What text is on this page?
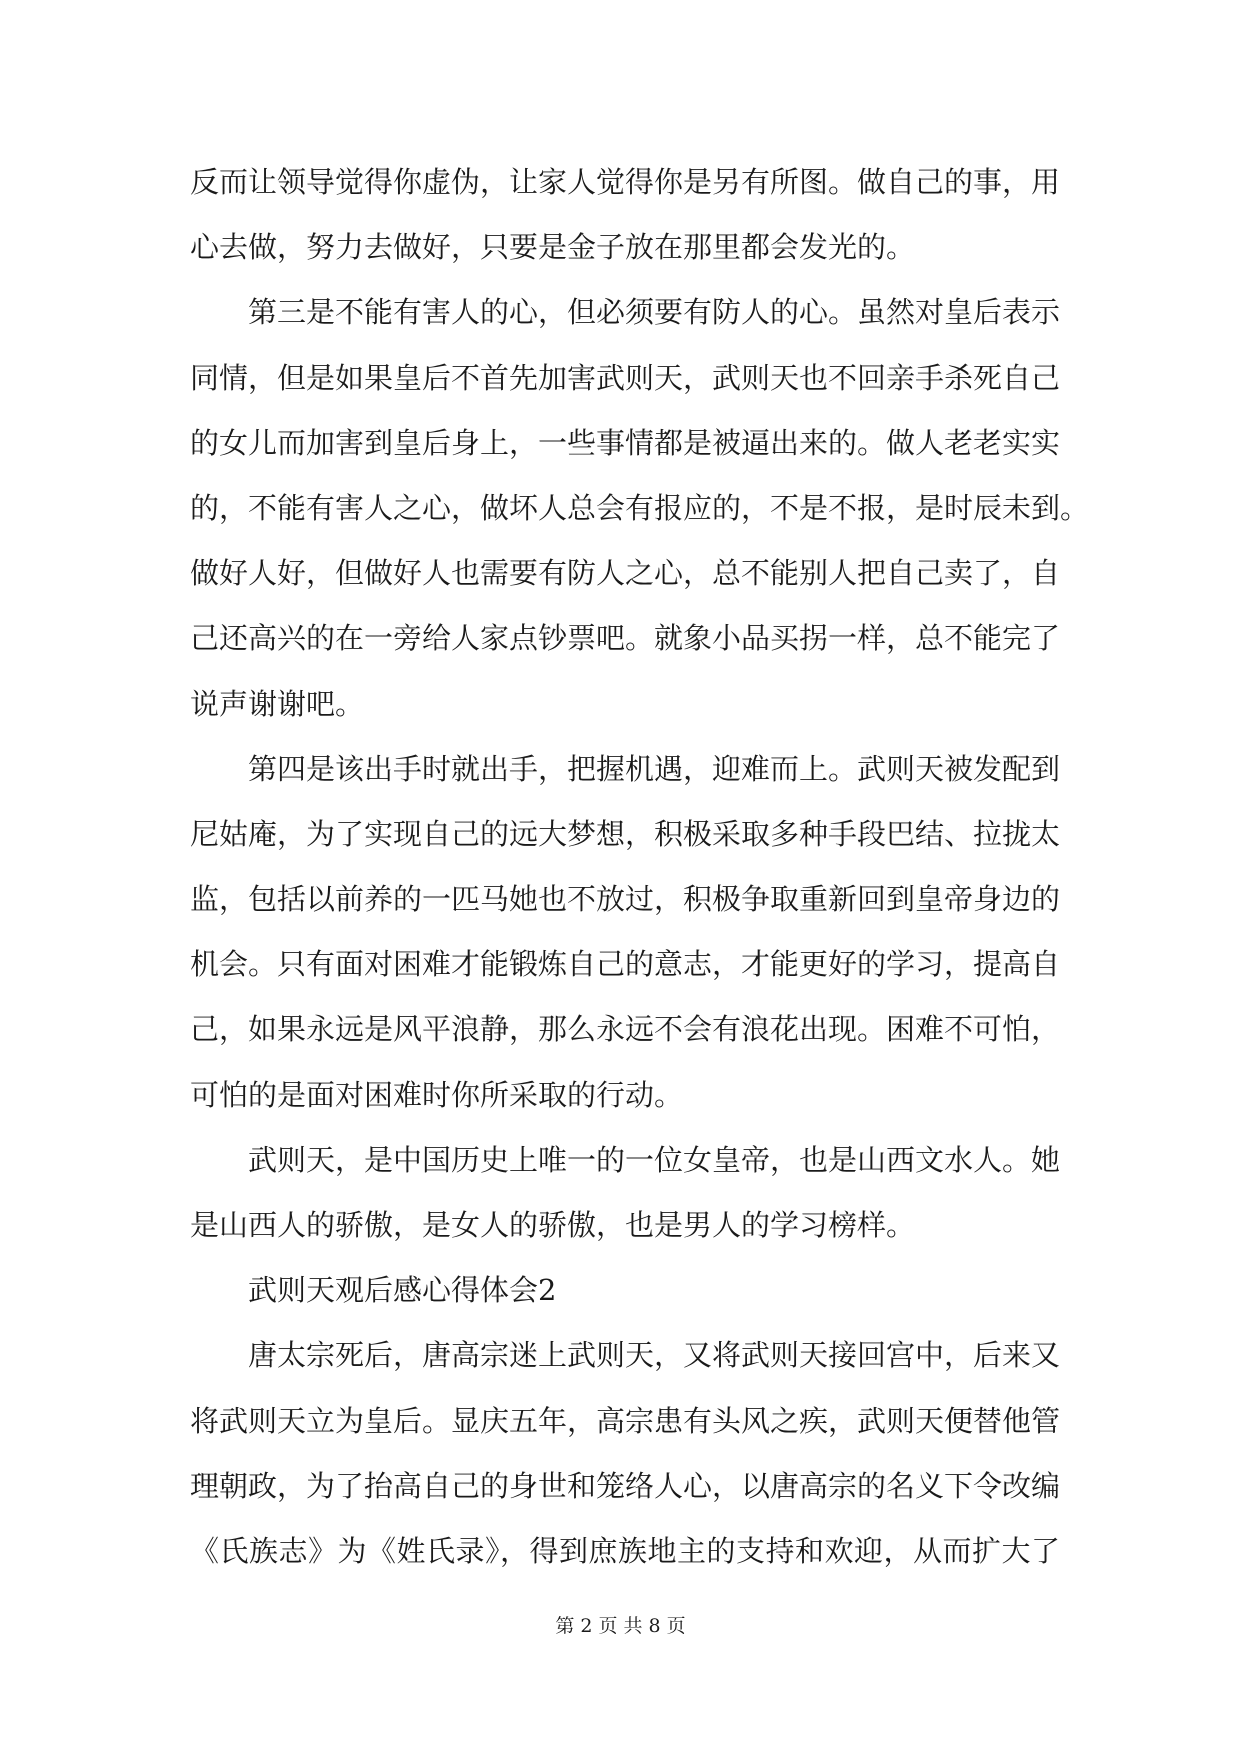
反而让领导觉得你虚伪，让家人觉得你是另有所图。做自己的事，用
心去做，努力去做好，只要是金子放在那里都会发光的。
第三是不能有害人的心，但必须要有防人的心。虽然对皇后表示
同情，但是如果皇后不首先加害武则天，武则天也不回亲手杀死自己
的女儿而加害到皇后身上，一些事情都是被逼出来的。做人老老实实
的，不能有害人之心，做坏人总会有报应的，不是不报，是时辰未到。
做好人好，但做好人也需要有防人之心，总不能别人把自己卖了，自
己还高兴的在一旁给人家点钞票吧。就象小品买拐一样，总不能完了
说声谢谢吧。
第四是该出手时就出手，把握机遇，迎难而上。武则天被发配到
尼姑庵，为了实现自己的远大梦想，积极采取多种手段巴结、拉拢太
监，包括以前养的一匹马她也不放过，积极争取重新回到皇帝身边的
机会。只有面对困难才能锻炼自己的意志，才能更好的学习，提高自
己，如果永远是风平浪静，那么永远不会有浪花出现。困难不可怕，
可怕的是面对困难时你所采取的行动。
武则天，是中国历史上唯一的一位女皇帝，也是山西文水人。她
是山西人的骄傲，是女人的骄傲，也是男人的学习榜样。
武则天观后感心得体会2
唐太宗死后，唐高宗迷上武则天，又将武则天接回宫中，后来又
将武则天立为皇后。显庆五年，高宗患有头风之疾，武则天便替他管
理朝政，为了抬高自己的身世和笼络人心，以唐高宗的名义下令改编
《氏族志》为《姓氏录》，得到庶族地主的支持和欢迎，从而扩大了
第 2 页 共 8 页
